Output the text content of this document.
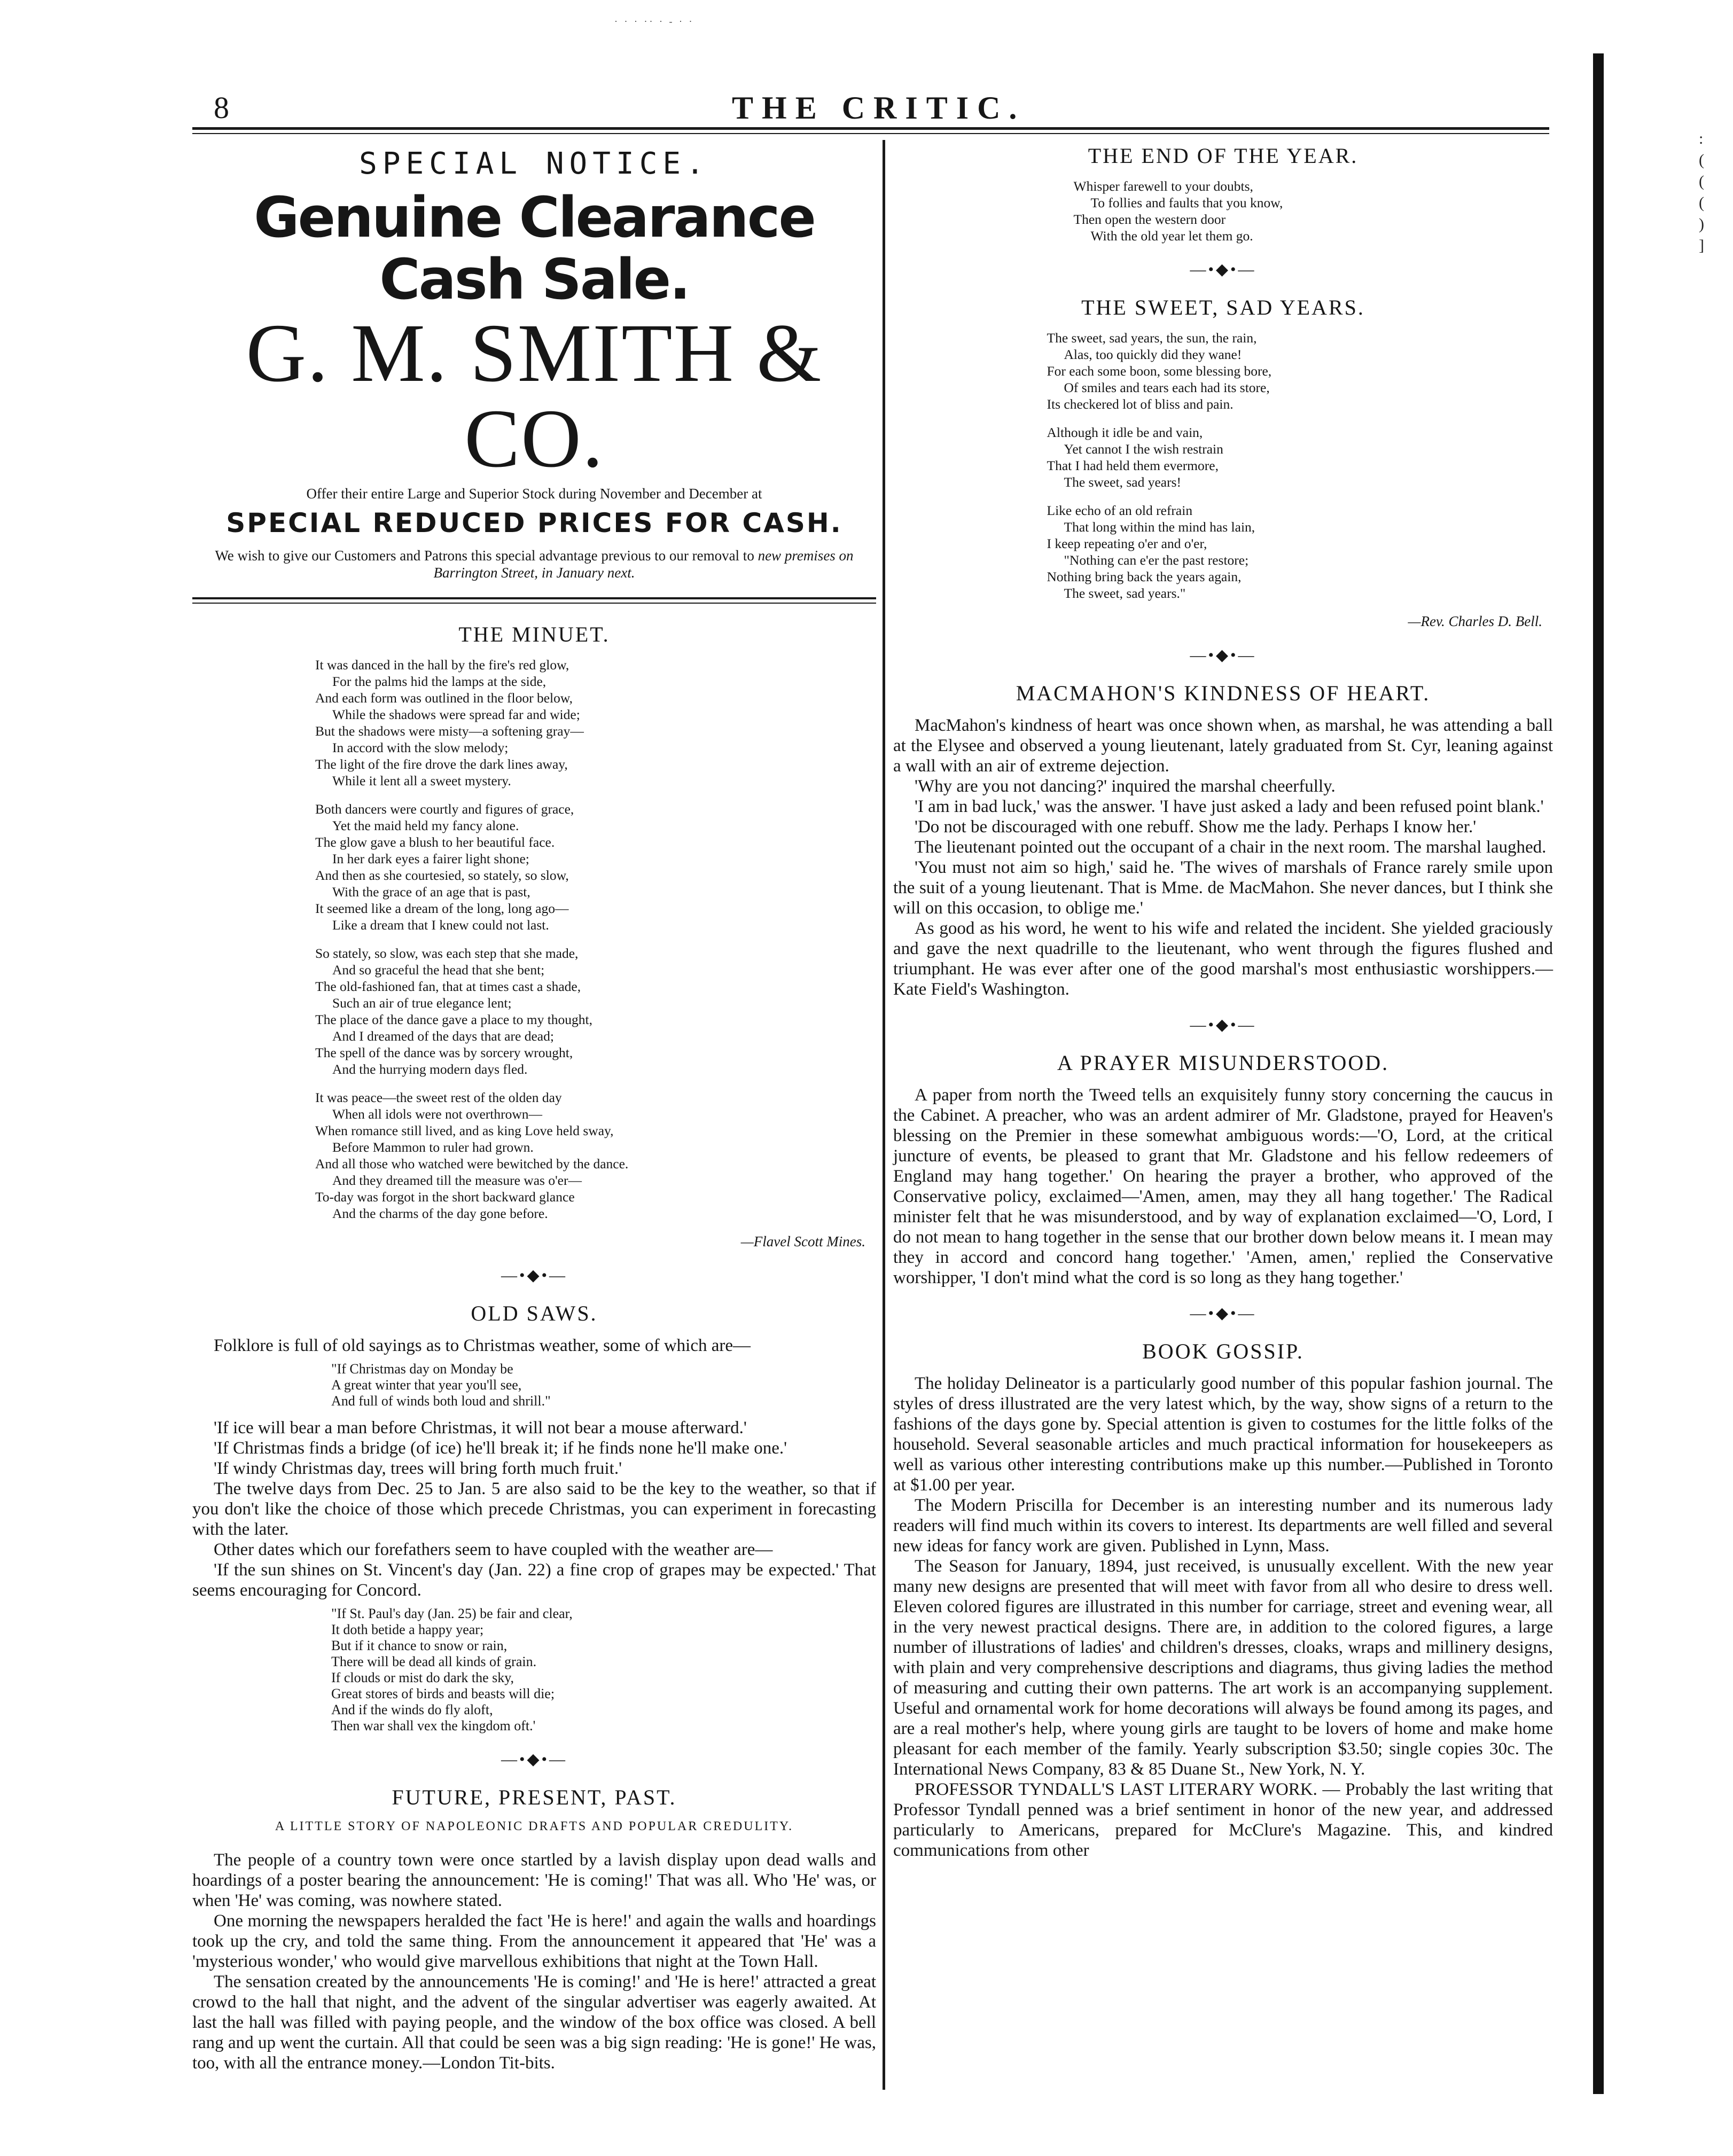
· · · ·· · - · ·
8	THE CRITIC.
:
(
(
(
)
]
SPECIAL NOTICE.
Genuine Clearance Cash Sale.
G. M. SMITH & CO.
Offer their entire Large and Superior Stock during November and December at
SPECIAL REDUCED PRICES FOR CASH.
We wish to give our Customers and Patrons this special advantage previous to our removal to new premises on Barrington Street, in January next.
THE MINUET.
It was danced in the hall by the fire's red glow,
For the palms hid the lamps at the side,
And each form was outlined in the floor below,
While the shadows were spread far and wide;
But the shadows were misty—a softening gray—
In accord with the slow melody;
The light of the fire drove the dark lines away,
While it lent all a sweet mystery.
Both dancers were courtly and figures of grace,
Yet the maid held my fancy alone.
The glow gave a blush to her beautiful face.
In her dark eyes a fairer light shone;
And then as she courtesied, so stately, so slow,
With the grace of an age that is past,
It seemed like a dream of the long, long ago—
Like a dream that I knew could not last.
So stately, so slow, was each step that she made,
And so graceful the head that she bent;
The old-fashioned fan, that at times cast a shade,
Such an air of true elegance lent;
The place of the dance gave a place to my thought,
And I dreamed of the days that are dead;
The spell of the dance was by sorcery wrought,
And the hurrying modern days fled.
It was peace—the sweet rest of the olden day
When all idols were not overthrown—
When romance still lived, and as king Love held sway,
Before Mammon to ruler had grown.
And all those who watched were bewitched by the dance.
And they dreamed till the measure was o'er—
To-day was forgot in the short backward glance
And the charms of the day gone before.
—Flavel Scott Mines.
—•◆•—
OLD SAWS.

Folklore is full of old sayings as to Christmas weather, some of which are—

"If Christmas day on Monday be
A great winter that year you'll see,
And full of winds both loud and shrill."

'If ice will bear a man before Christmas, it will not bear a mouse afterward.'

'If Christmas finds a bridge (of ice) he'll break it; if he finds none he'll make one.'

'If windy Christmas day, trees will bring forth much fruit.'

The twelve days from Dec. 25 to Jan. 5 are also said to be the key to the weather, so that if you don't like the choice of those which precede Christmas, you can experiment in forecasting with the later.

Other dates which our forefathers seem to have coupled with the weather are—

'If the sun shines on St. Vincent's day (Jan. 22) a fine crop of grapes may be expected.' That seems encouraging for Concord.

"If St. Paul's day (Jan. 25) be fair and clear,
It doth betide a happy year;
But if it chance to snow or rain,
There will be dead all kinds of grain.
If clouds or mist do dark the sky,
Great stores of birds and beasts will die;
And if the winds do fly aloft,
Then war shall vex the kingdom oft.'
—•◆•—
FUTURE, PRESENT, PAST.
A LITTLE STORY OF NAPOLEONIC DRAFTS AND POPULAR CREDULITY.

The people of a country town were once startled by a lavish display upon dead walls and hoardings of a poster bearing the announcement: 'He is coming!' That was all. Who 'He' was, or when 'He' was coming, was nowhere stated.

One morning the newspapers heralded the fact 'He is here!' and again the walls and hoardings took up the cry, and told the same thing. From the announcement it appeared that 'He' was a 'mysterious wonder,' who would give marvellous exhibitions that night at the Town Hall.

The sensation created by the announcements 'He is coming!' and 'He is here!' attracted a great crowd to the hall that night, and the advent of the singular advertiser was eagerly awaited. At last the hall was filled with paying people, and the window of the box office was closed. A bell rang and up went the curtain. All that could be seen was a big sign reading: 'He is gone!' He was, too, with all the entrance money.—London Tit-bits.

THE END OF THE YEAR.
Whisper farewell to your doubts,
To follies and faults that you know,
Then open the western door
With the old year let them go.
—•◆•—
THE SWEET, SAD YEARS.
The sweet, sad years, the sun, the rain,
Alas, too quickly did they wane!
For each some boon, some blessing bore,
Of smiles and tears each had its store,
Its checkered lot of bliss and pain.
Although it idle be and vain,
Yet cannot I the wish restrain
That I had held them evermore,
The sweet, sad years!
Like echo of an old refrain
That long within the mind has lain,
I keep repeating o'er and o'er,
"Nothing can e'er the past restore;
Nothing bring back the years again,
The sweet, sad years."
—Rev. Charles D. Bell.
—•◆•—
MACMAHON'S KINDNESS OF HEART.

MacMahon's kindness of heart was once shown when, as marshal, he was attending a ball at the Elysee and observed a young lieutenant, lately graduated from St. Cyr, leaning against a wall with an air of extreme dejection.

'Why are you not dancing?' inquired the marshal cheerfully.

'I am in bad luck,' was the answer. 'I have just asked a lady and been refused point blank.'

'Do not be discouraged with one rebuff. Show me the lady. Perhaps I know her.'

The lieutenant pointed out the occupant of a chair in the next room. The marshal laughed.

'You must not aim so high,' said he. 'The wives of marshals of France rarely smile upon the suit of a young lieutenant. That is Mme. de MacMahon. She never dances, but I think she will on this occasion, to oblige me.'

As good as his word, he went to his wife and related the incident. She yielded graciously and gave the next quadrille to the lieutenant, who went through the figures flushed and triumphant. He was ever after one of the good marshal's most enthusiastic worshippers.—Kate Field's Washington.

—•◆•—
A PRAYER MISUNDERSTOOD.

A paper from north the Tweed tells an exquisitely funny story concerning the caucus in the Cabinet. A preacher, who was an ardent admirer of Mr. Gladstone, prayed for Heaven's blessing on the Premier in these somewhat ambiguous words:—'O, Lord, at the critical juncture of events, be pleased to grant that Mr. Gladstone and his fellow redeemers of England may hang together.' On hearing the prayer a brother, who approved of the Conservative policy, exclaimed—'Amen, amen, may they all hang together.' The Radical minister felt that he was misunderstood, and by way of explanation exclaimed—'O, Lord, I do not mean to hang together in the sense that our brother down below means it. I mean may they in accord and concord hang together.' 'Amen, amen,' replied the Conservative worshipper, 'I don't mind what the cord is so long as they hang together.'

—•◆•—
BOOK GOSSIP.

The holiday Delineator is a particularly good number of this popular fashion journal. The styles of dress illustrated are the very latest which, by the way, show signs of a return to the fashions of the days gone by. Special attention is given to costumes for the little folks of the household. Several seasonable articles and much practical information for housekeepers as well as various other interesting contributions make up this number.—Published in Toronto at $1.00 per year.

The Modern Priscilla for December is an interesting number and its numerous lady readers will find much within its covers to interest. Its departments are well filled and several new ideas for fancy work are given. Published in Lynn, Mass.

The Season for January, 1894, just received, is unusually excellent. With the new year many new designs are presented that will meet with favor from all who desire to dress well. Eleven colored figures are illustrated in this number for carriage, street and evening wear, all in the very newest practical designs. There are, in addition to the colored figures, a large number of illustrations of ladies' and children's dresses, cloaks, wraps and millinery designs, with plain and very comprehensive descriptions and diagrams, thus giving ladies the method of measuring and cutting their own patterns. The art work is an accompanying supplement. Useful and ornamental work for home decorations will always be found among its pages, and are a real mother's help, where young girls are taught to be lovers of home and make home pleasant for each member of the family. Yearly subscription $3.50; single copies 30c. The International News Company, 83 & 85 Duane St., New York, N. Y.

PROFESSOR TYNDALL'S LAST LITERARY WORK. — Probably the last writing that Professor Tyndall penned was a brief sentiment in honor of the new year, and addressed particularly to Americans, prepared for McClure's Magazine. This, and kindred communications from other
